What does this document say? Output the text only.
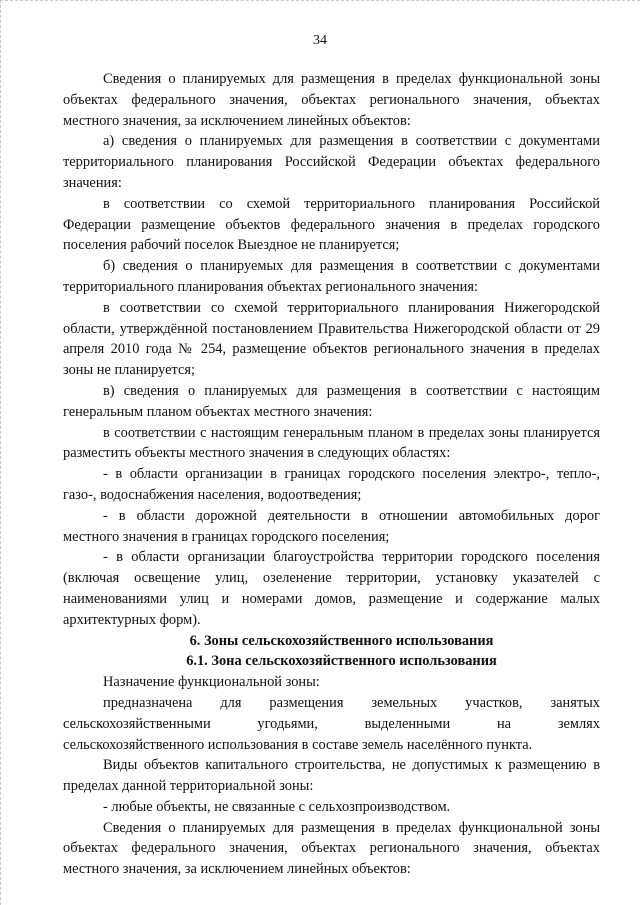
34

Сведения о планируемых для размещения в пределах функциональной зоны объектах федерального значения, объектах регионального значения, объектах местного значения, за исключением линейных объектов:

а) сведения о планируемых для размещения в соответствии с документами территориального планирования Российской Федерации объектах федерального значения:

в соответствии со схемой территориального планирования Российской Федерации размещение объектов федерального значения в пределах городского поселения рабочий поселок Выездное не планируется;

б) сведения о планируемых для размещения в соответствии с документами территориального планирования объектах регионального значения:

в соответствии со схемой территориального планирования Нижегородской области, утверждённой постановлением Правительства Нижегородской области от 29 апреля 2010 года № 254, размещение объектов регионального значения в пределах зоны не планируется;

в) сведения о планируемых для размещения в соответствии с настоящим генеральным планом объектах местного значения:

в соответствии с настоящим генеральным планом в пределах зоны планируется разместить объекты местного значения в следующих областях:

- в области организации в границах городского поселения электро-, тепло-, газо-, водоснабжения населения, водоотведения;

- в области дорожной деятельности в отношении автомобильных дорог местного значения в границах городского поселения;

- в области организации благоустройства территории городского поселения (включая освещение улиц, озеленение территории, установку указателей с наименованиями улиц и номерами домов, размещение и содержание малых архитектурных форм).

6. Зоны сельскохозяйственного использования

6.1. Зона сельскохозяйственного использования

Назначение функциональной зоны:

предназначена для размещения земельных участков, занятых

сельскохозяйственными угодьями, выделенными на землях

сельскохозяйственного использования в составе земель населённого пункта.

Виды объектов капитального строительства, не допустимых к размещению в пределах данной территориальной зоны:

- любые объекты, не связанные с сельхозпроизводством.

Сведения о планируемых для размещения в пределах функциональной зоны объектах федерального значения, объектах регионального значения, объектах местного значения, за исключением линейных объектов:
